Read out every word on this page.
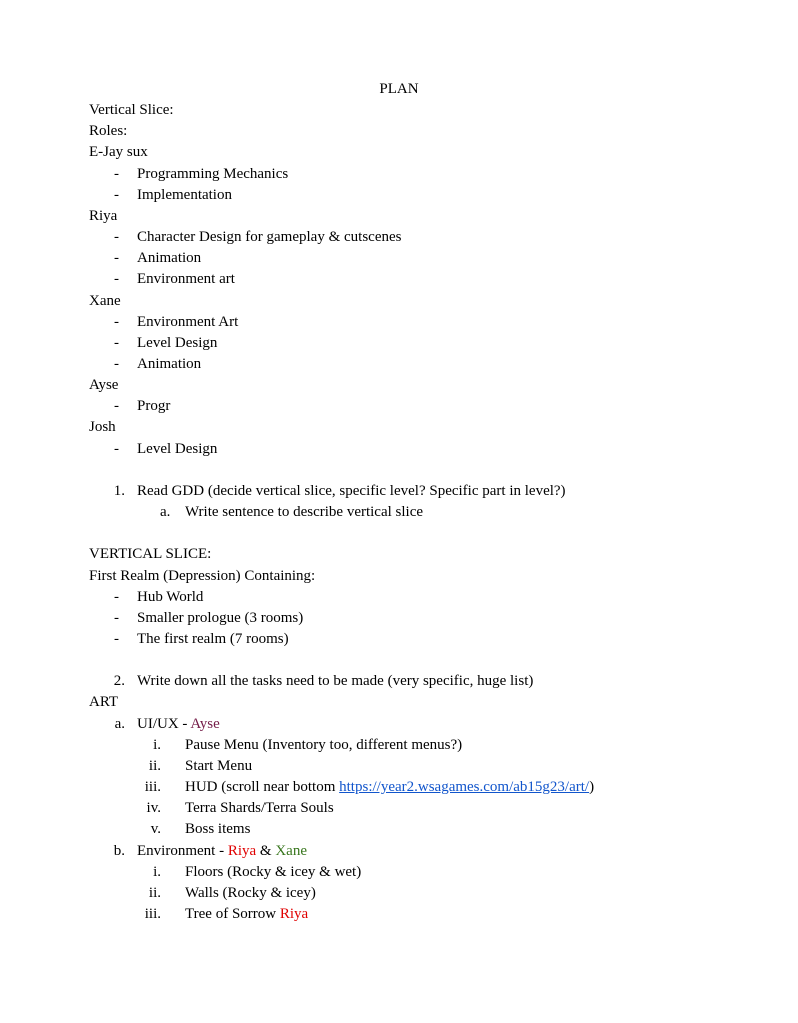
PLAN
Vertical Slice:
Roles:
E-Jay sux
- Programming Mechanics
- Implementation
Riya
- Character Design for gameplay & cutscenes
- Animation
- Environment art
Xane
- Environment Art
- Level Design
- Animation
Ayse
- Progr
Josh
- Level Design
1. Read GDD (decide vertical slice, specific level? Specific part in level?)
a. Write sentence to describe vertical slice
VERTICAL SLICE:
First Realm (Depression) Containing:
- Hub World
- Smaller prologue (3 rooms)
- The first realm (7 rooms)
2. Write down all the tasks need to be made (very specific, huge list)
ART
a. UI/UX - Ayse
i. Pause Menu (Inventory too, different menus?)
ii. Start Menu
iii. HUD (scroll near bottom https://year2.wsagames.com/ab15g23/art/)
iv. Terra Shards/Terra Souls
v. Boss items
b. Environment - Riya & Xane
i. Floors (Rocky & icey & wet)
ii. Walls (Rocky & icey)
iii. Tree of Sorrow Riya
